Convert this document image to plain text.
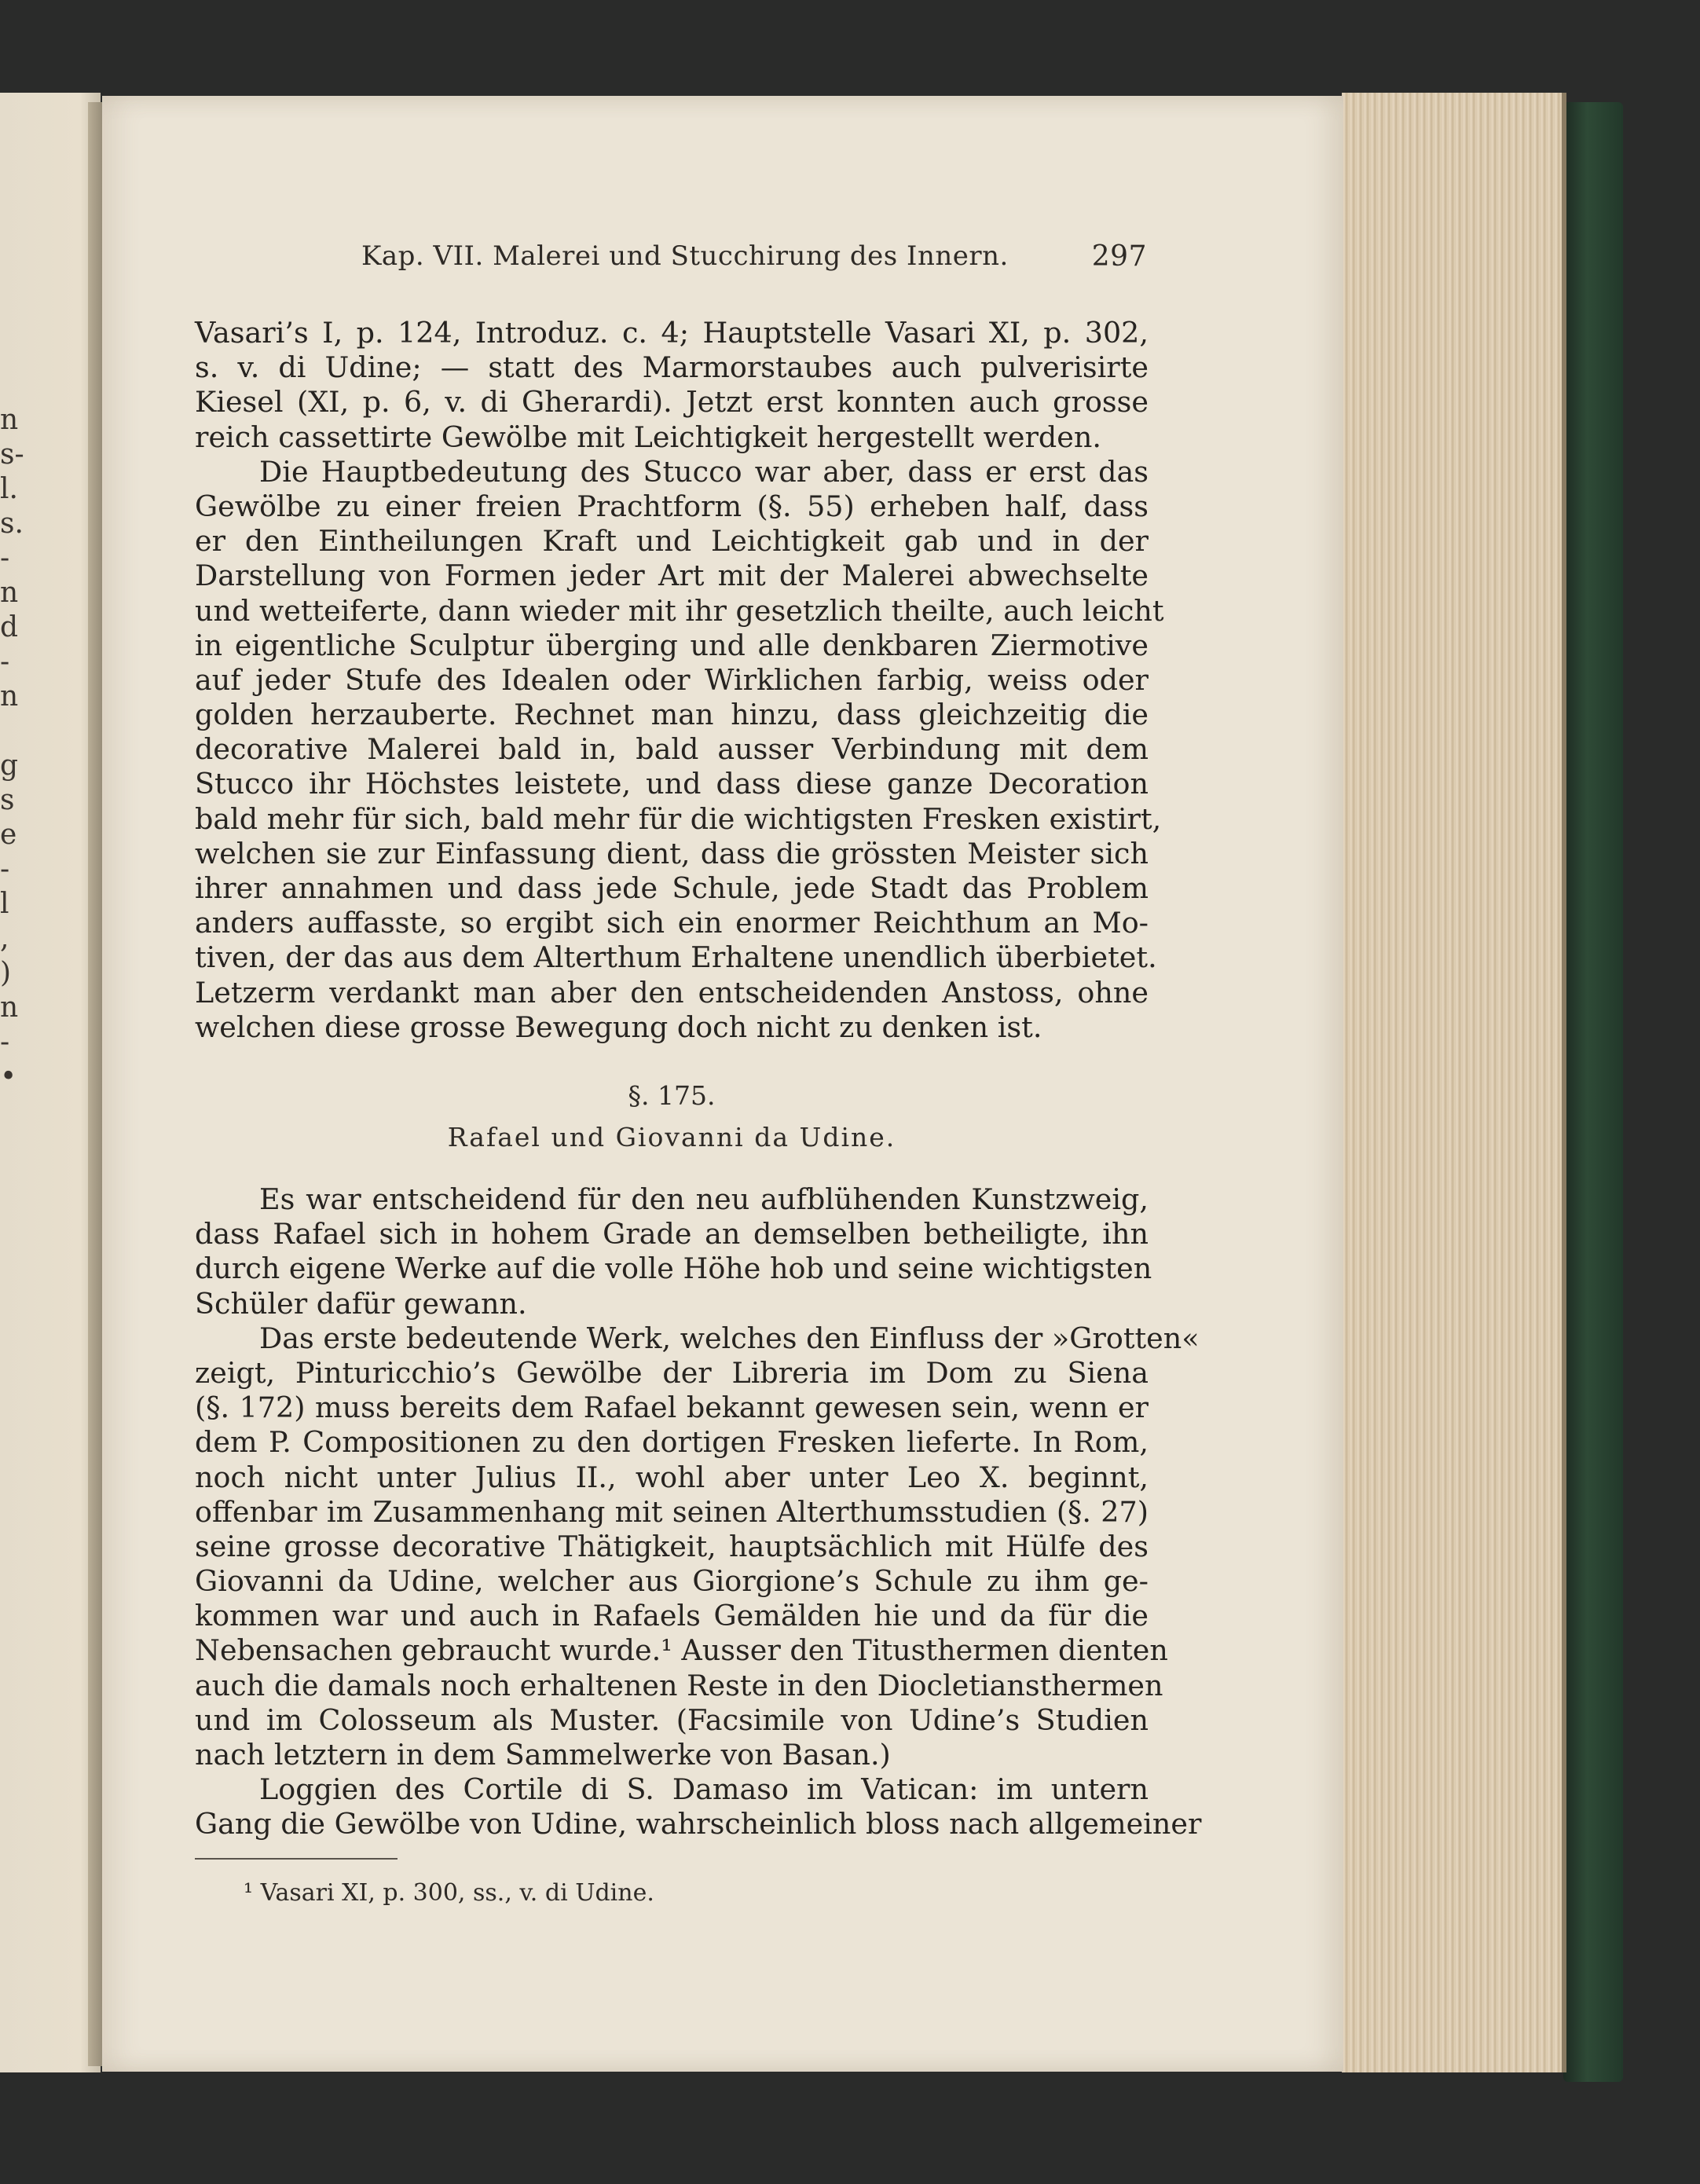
n
s-
l.
s.
-
n
d
-
n
g
s
e
-
l
,
)
n
-
•
Kap. VII. Malerei und Stucchirung des Innern.	297
Vasari’s I, p. 124, Introduz. c. 4; Hauptstelle Vasari XI, p. 302,
s. v. di Udine; — statt des Marmorstaubes auch pulverisirte
Kiesel (XI, p. 6, v. di Gherardi). Jetzt erst konnten auch grosse
reich cassettirte Gewölbe mit Leichtigkeit hergestellt werden.
Die Hauptbedeutung des Stucco war aber, dass er erst das
Gewölbe zu einer freien Prachtform (§. 55) erheben half, dass
er den Eintheilungen Kraft und Leichtigkeit gab und in der
Darstellung von Formen jeder Art mit der Malerei abwechselte
und wetteiferte, dann wieder mit ihr gesetzlich theilte, auch leicht
in eigentliche Sculptur überging und alle denkbaren Ziermotive
auf jeder Stufe des Idealen oder Wirklichen farbig, weiss oder
golden herzauberte. Rechnet man hinzu, dass gleichzeitig die
decorative Malerei bald in, bald ausser Verbindung mit dem
Stucco ihr Höchstes leistete, und dass diese ganze Decoration
bald mehr für sich, bald mehr für die wichtigsten Fresken existirt,
welchen sie zur Einfassung dient, dass die grössten Meister sich
ihrer annahmen und dass jede Schule, jede Stadt das Problem
anders auffasste, so ergibt sich ein enormer Reichthum an Mo-
tiven, der das aus dem Alterthum Erhaltene unendlich überbietet.
Letzerm verdankt man aber den entscheidenden Anstoss, ohne
welchen diese grosse Bewegung doch nicht zu denken ist.
§. 175.
Rafael und Giovanni da Udine.
Es war entscheidend für den neu aufblühenden Kunstzweig,
dass Rafael sich in hohem Grade an demselben betheiligte, ihn
durch eigene Werke auf die volle Höhe hob und seine wichtigsten
Schüler dafür gewann.
Das erste bedeutende Werk, welches den Einfluss der »Grotten«
zeigt, Pinturicchio’s Gewölbe der Libreria im Dom zu Siena
(§. 172) muss bereits dem Rafael bekannt gewesen sein, wenn er
dem P. Compositionen zu den dortigen Fresken lieferte. In Rom,
noch nicht unter Julius II., wohl aber unter Leo X. beginnt,
offenbar im Zusammenhang mit seinen Alterthumsstudien (§. 27)
seine grosse decorative Thätigkeit, hauptsächlich mit Hülfe des
Giovanni da Udine, welcher aus Giorgione’s Schule zu ihm ge-
kommen war und auch in Rafaels Gemälden hie und da für die
Nebensachen gebraucht wurde.¹ Ausser den Titusthermen dienten
auch die damals noch erhaltenen Reste in den Diocletiansthermen
und im Colosseum als Muster. (Facsimile von Udine’s Studien
nach letztern in dem Sammelwerke von Basan.)
Loggien des Cortile di S. Damaso im Vatican: im untern
Gang die Gewölbe von Udine, wahrscheinlich bloss nach allgemeiner
¹ Vasari XI, p. 300, ss., v. di Udine.
